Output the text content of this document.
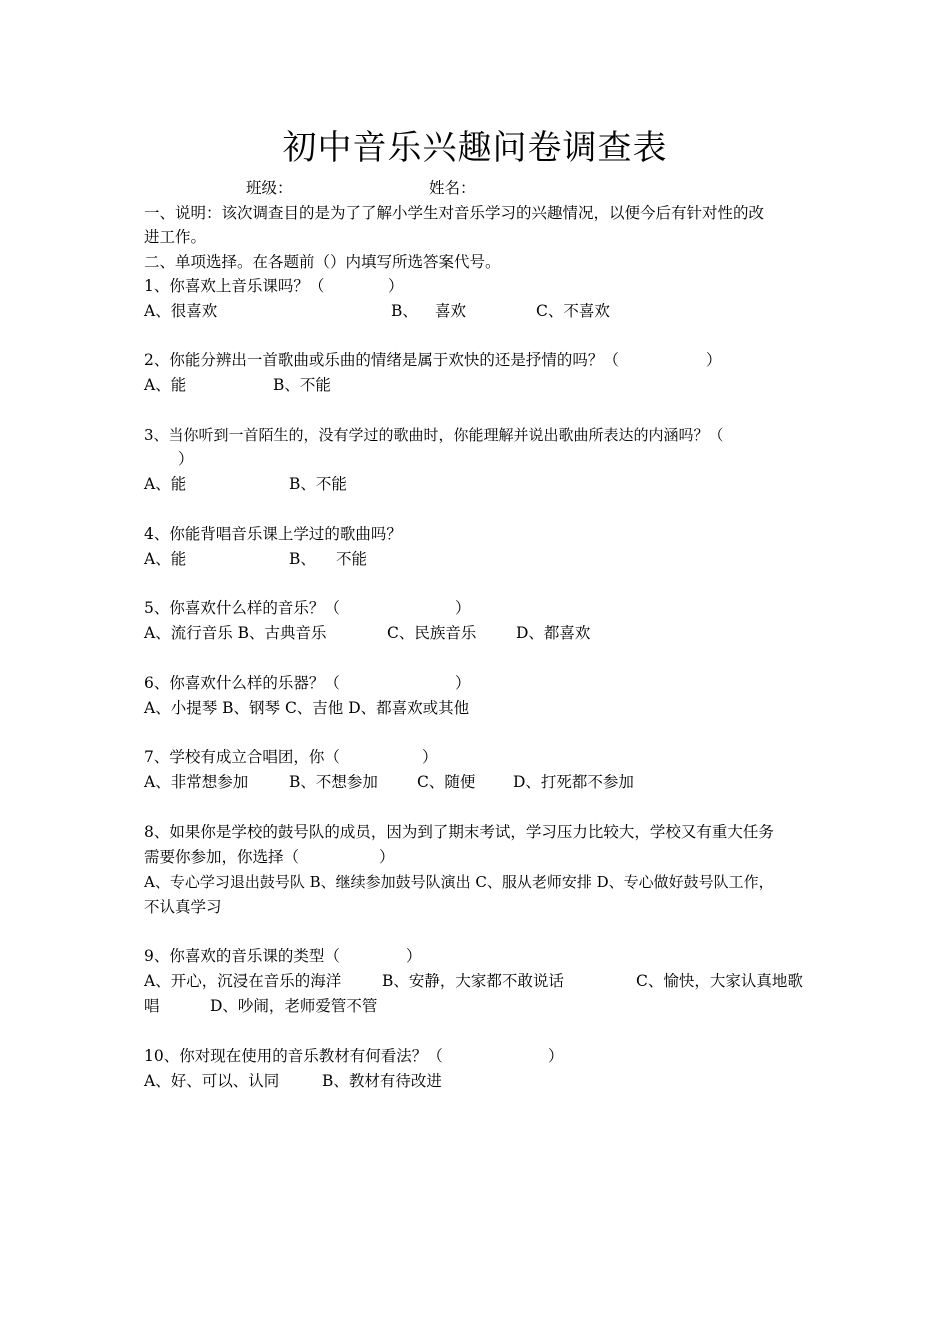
初中音乐兴趣问卷调查表
班级：	姓名：
一、说明：该次调查目的是为了了解小学生对音乐学习的兴趣情况，以便今后有针对性的改
进工作。
二、单项选择。在各题前（）内填写所选答案代号。
1、你喜欢上音乐课吗？（	）
A、很喜欢	B、 喜欢	C、不喜欢
2、你能分辨出一首歌曲或乐曲的情绪是属于欢快的还是抒情的吗？（	）
A、能	B、不能
3、当你听到一首陌生的，没有学过的歌曲时，你能理解并说出歌曲所表达的内涵吗？（
）
A、能	B、不能
4、你能背唱音乐课上学过的歌曲吗？
A、能	B、 不能
5、你喜欢什么样的音乐？（	）
A、流行音乐 B、古典音乐	C、民族音乐	D、都喜欢
6、你喜欢什么样的乐器？（	）
A、小提琴 B、钢琴 C、吉他 D、都喜欢或其他
7、学校有成立合唱团，你（	）
A、非常想参加	B、不想参加	C、随便 D、打死都不参加
8、如果你是学校的鼓号队的成员，因为到了期末考试，学习压力比较大，学校又有重大任务
需要你参加，你选择（	）
A、专心学习退出鼓号队 B、继续参加鼓号队演出 C、服从老师安排 D、专心做好鼓号队工作，
不认真学习
9、你喜欢的音乐课的类型（	）
A、开心，沉浸在音乐的海洋	B、安静，大家都不敢说话	C、愉快，大家认真地歌
唱	D、吵闹，老师爱管不管
10、你对现在使用的音乐教材有何看法？（	）
A、好、可以、认同	B、教材有待改进
